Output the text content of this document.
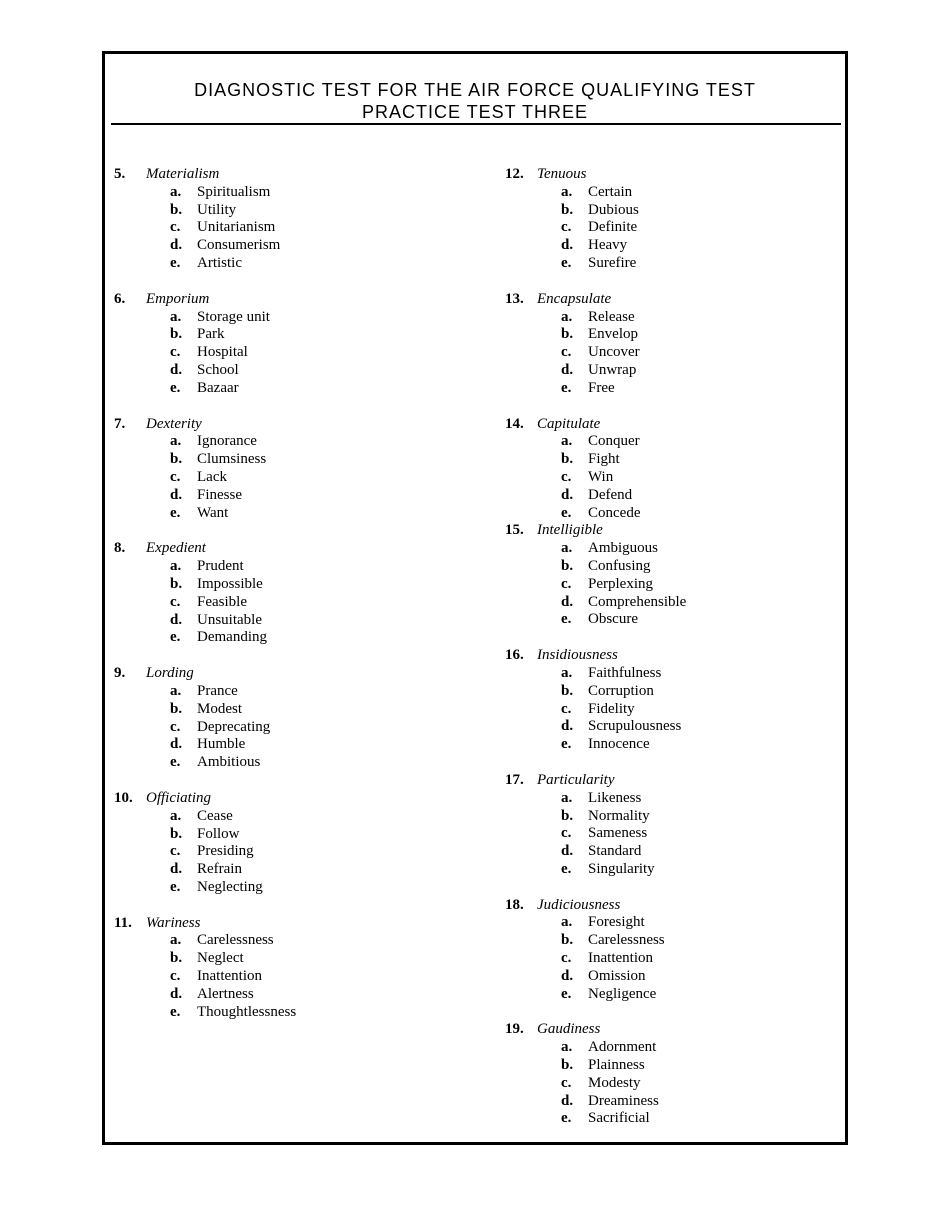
DIAGNOSTIC TEST FOR THE AIR FORCE QUALIFYING TEST
PRACTICE TEST THREE
5. Materialism
a. Spiritualism
b. Utility
c. Unitarianism
d. Consumerism
e. Artistic
6. Emporium
a. Storage unit
b. Park
c. Hospital
d. School
e. Bazaar
7. Dexterity
a. Ignorance
b. Clumsiness
c. Lack
d. Finesse
e. Want
8. Expedient
a. Prudent
b. Impossible
c. Feasible
d. Unsuitable
e. Demanding
9. Lording
a. Prance
b. Modest
c. Deprecating
d. Humble
e. Ambitious
10. Officiating
a. Cease
b. Follow
c. Presiding
d. Refrain
e. Neglecting
11. Wariness
a. Carelessness
b. Neglect
c. Inattention
d. Alertness
e. Thoughtlessness
12. Tenuous
a. Certain
b. Dubious
c. Definite
d. Heavy
e. Surefire
13. Encapsulate
a. Release
b. Envelop
c. Uncover
d. Unwrap
e. Free
14. Capitulate
a. Conquer
b. Fight
c. Win
d. Defend
e. Concede
15. Intelligible
a. Ambiguous
b. Confusing
c. Perplexing
d. Comprehensible
e. Obscure
16. Insidiousness
a. Faithfulness
b. Corruption
c. Fidelity
d. Scrupulousness
e. Innocence
17. Particularity
a. Likeness
b. Normality
c. Sameness
d. Standard
e. Singularity
18. Judiciousness
a. Foresight
b. Carelessness
c. Inattention
d. Omission
e. Negligence
19. Gaudiness
a. Adornment
b. Plainness
c. Modesty
d. Dreaminess
e. Sacrificial
